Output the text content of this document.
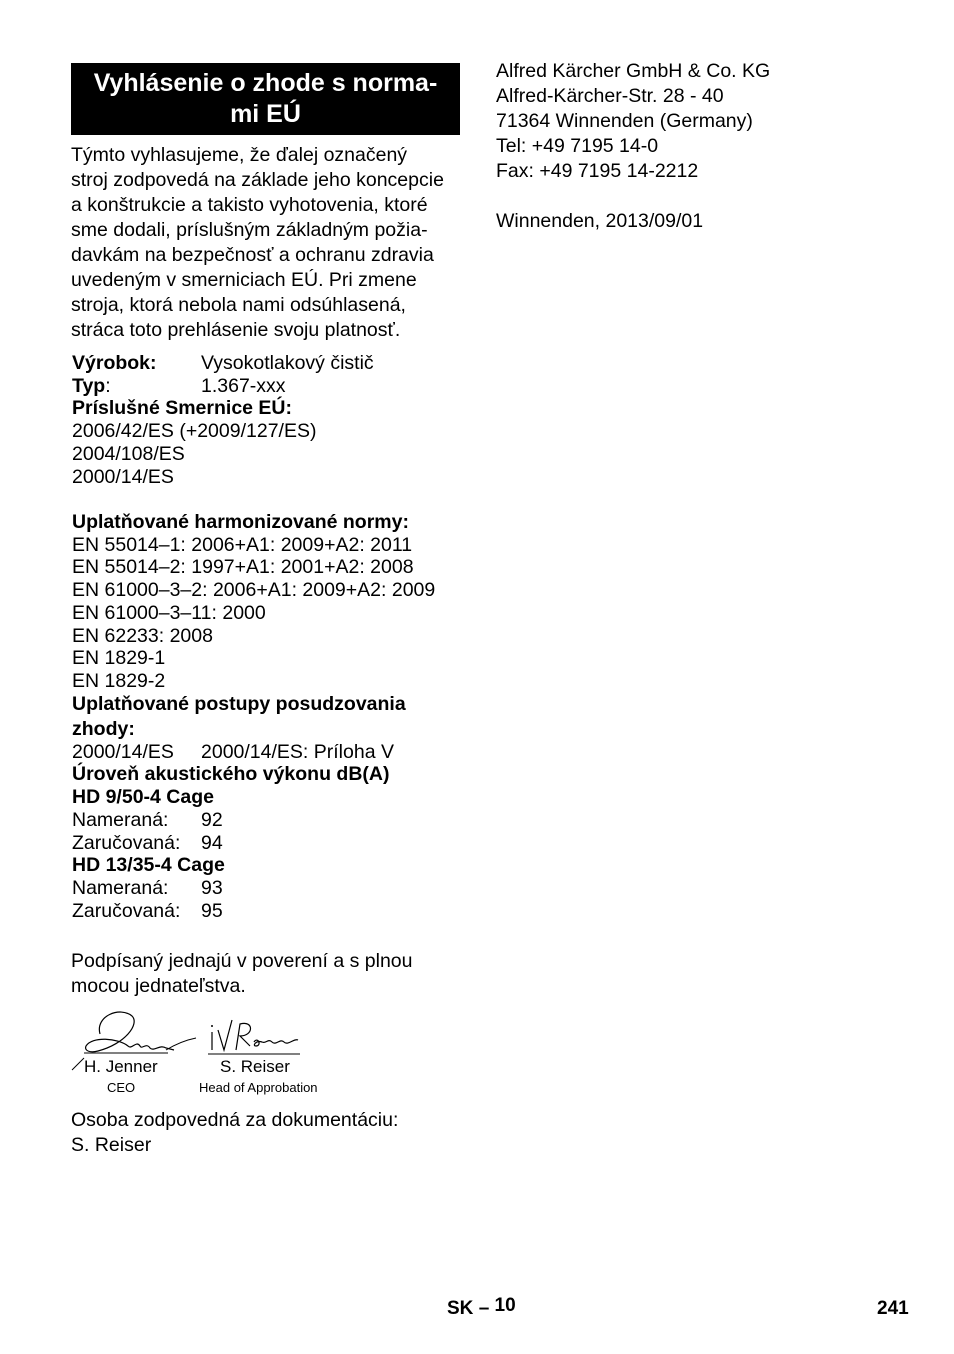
Vyhlásenie o zhode s norma-
mi EÚ
Týmto vyhlasujeme, že ďalej označený
stroj zodpovedá na základe jeho koncepcie
a konštrukcie a takisto vyhotovenia, ktoré
sme dodali, príslušným základným požia-
davkám na bezpečnosť a ochranu zdravia
uvedeným v smerniciach EÚ. Pri zmene
stroja, ktorá nebola nami odsúhlasená,
stráca toto prehlásenie svoju platnosť.
Výrobok: Vysokotlakový čistič
Typ:	1.367-xxx
Príslušné Smernice EÚ:
2006/42/ES (+2009/127/ES)
2004/108/ES
2000/14/ES
Uplatňované harmonizované normy:
EN 55014–1: 2006+A1: 2009+A2: 2011
EN 55014–2: 1997+A1: 2001+A2: 2008
EN 61000–3–2: 2006+A1: 2009+A2: 2009
EN 61000–3–11: 2000
EN 62233: 2008
EN 1829-1
EN 1829-2
Uplatňované postupy posudzovania
zhody:
2000/14/ES 2000/14/ES: Príloha V
Úroveň akustického výkonu dB(A)
HD 9/50-4 Cage
Nameraná: 92
Zaručovaná: 94
HD 13/35-4 Cage
Nameraná: 93
Zaručovaná: 95
Podpísaný jednajú v poverení a s plnou
mocou jednateľstva.
H. Jenner
CEO
S. Reiser
Head of Approbation
Osoba zodpovedná za dokumentáciu:
S. Reiser
Alfred Kärcher GmbH & Co. KG
Alfred-Kärcher-Str. 28 - 40
71364 Winnenden (Germany)
Tel: +49 7195 14-0
Fax: +49 7195 14-2212
Winnenden, 2013/09/01
SK – 10	241
